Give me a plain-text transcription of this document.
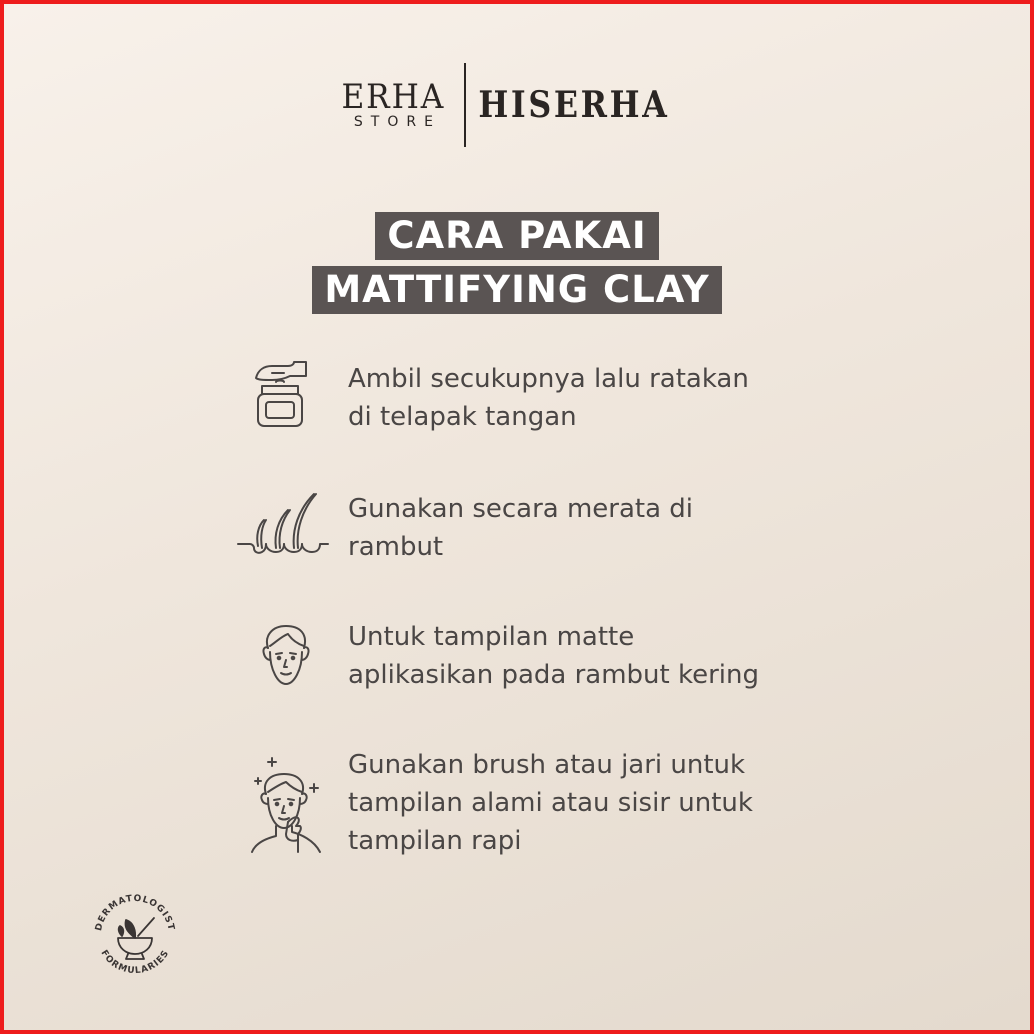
ERHA
STORE	HISERHA
CARA PAKAI
MATTIFYING CLAY
Ambil secukupnya lalu ratakan
di telapak tangan
Gunakan secara merata di
rambut
Untuk tampilan matte
aplikasikan pada rambut kering
Gunakan brush atau jari untuk
tampilan alami atau sisir untuk
tampilan rapi
DERMATOLOGIST
FORMULARIES
